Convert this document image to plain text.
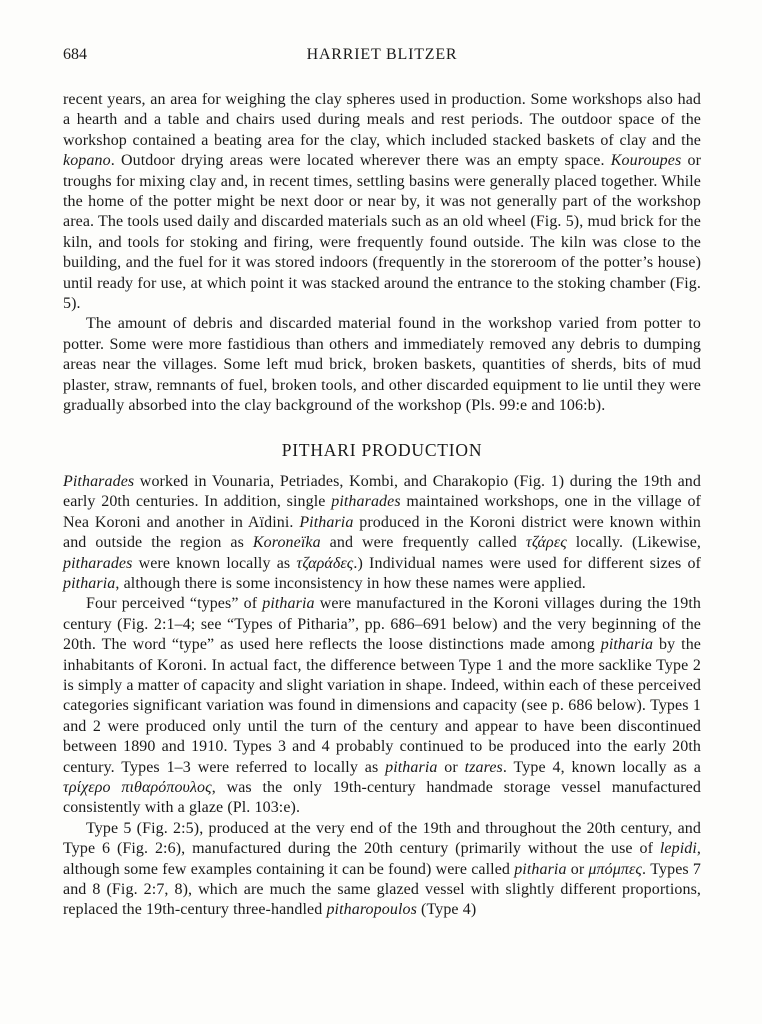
684	HARRIET BLITZER

recent years, an area for weighing the clay spheres used in production. Some workshops also had a hearth and a table and chairs used during meals and rest periods. The outdoor space of the workshop contained a beating area for the clay, which included stacked baskets of clay and the kopano. Outdoor drying areas were located wherever there was an empty space. Kouroupes or troughs for mixing clay and, in recent times, settling basins were generally placed together. While the home of the potter might be next door or near by, it was not generally part of the workshop area. The tools used daily and discarded materials such as an old wheel (Fig. 5), mud brick for the kiln, and tools for stoking and firing, were frequently found outside. The kiln was close to the building, and the fuel for it was stored indoors (frequently in the storeroom of the potter’s house) until ready for use, at which point it was stacked around the entrance to the stoking chamber (Fig. 5).

The amount of debris and discarded material found in the workshop varied from potter to potter. Some were more fastidious than others and immediately removed any debris to dumping areas near the villages. Some left mud brick, broken baskets, quantities of sherds, bits of mud plaster, straw, remnants of fuel, broken tools, and other discarded equipment to lie until they were gradually absorbed into the clay background of the workshop (Pls. 99:e and 106:b).

PITHARI PRODUCTION

Pitharades worked in Vounaria, Petriades, Kombi, and Charakopio (Fig. 1) during the 19th and early 20th centuries. In addition, single pitharades maintained workshops, one in the village of Nea Koroni and another in Aïdini. Pitharia produced in the Koroni district were known within and outside the region as Koroneïka and were frequently called τζάρες locally. (Likewise, pitharades were known locally as τζαράδες.) Individual names were used for different sizes of pitharia, although there is some inconsistency in how these names were applied.

Four perceived “types” of pitharia were manufactured in the Koroni villages during the 19th century (Fig. 2:1–4; see “Types of Pitharia”, pp. 686–691 below) and the very beginning of the 20th. The word “type” as used here reflects the loose distinctions made among pitharia by the inhabitants of Koroni. In actual fact, the difference between Type 1 and the more sacklike Type 2 is simply a matter of capacity and slight variation in shape. Indeed, within each of these perceived categories significant variation was found in dimensions and capacity (see p. 686 below). Types 1 and 2 were produced only until the turn of the century and appear to have been discontinued between 1890 and 1910. Types 3 and 4 probably continued to be produced into the early 20th century. Types 1–3 were referred to locally as pitharia or tzares. Type 4, known locally as a τρίχερο πιθαρόπουλος, was the only 19th-century handmade storage vessel manufactured consistently with a glaze (Pl. 103:e).

Type 5 (Fig. 2:5), produced at the very end of the 19th and throughout the 20th century, and Type 6 (Fig. 2:6), manufactured during the 20th century (primarily without the use of lepidi, although some few examples containing it can be found) were called pitharia or μπόμπες. Types 7 and 8 (Fig. 2:7, 8), which are much the same glazed vessel with slightly different proportions, replaced the 19th-century three-handled pitharopoulos (Type 4)
